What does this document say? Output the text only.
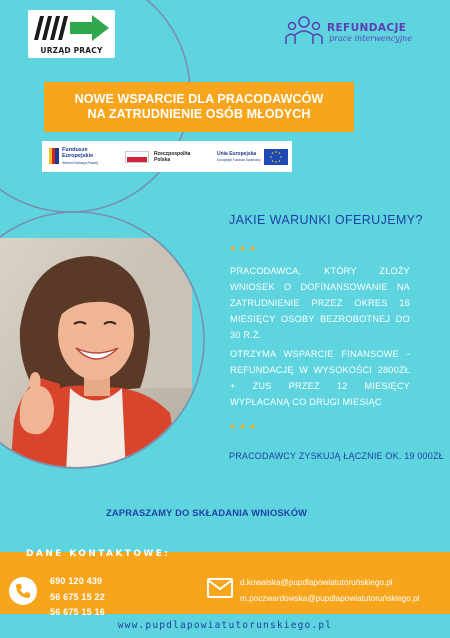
URZĄD PRACY
REFUNDACJE
prace interwencyjne
NOWE WSPARCIE DLA PRACODAWCÓW
NA ZATRUDNIENIE OSÓB MŁODYCH
Fundusze
Europejskie
Wiedza Edukacja Rozwój
Rzeczpospolita
Polska
Unia Europejska
Europejski Fundusz Społeczny
JAKIE WARUNKI OFERUJEMY?
● ● ●
PRACODAWCA, KTÓRY ZŁOŻY WNIOSEK O DOFINANSOWANIE NA ZATRUDNIENIE PRZEZ OKRES 16 MIESIĘCY OSOBY BEZROBOTNEJ DO 30 R.Ż.
OTRZYMA WSPARCIE FINANSOWE - REFUNDACJĘ W WYSOKOŚCI 2800ZŁ + ZUS PRZEZ 12 MIESIĘCY WYPŁACANĄ CO DRUGI MIESIĄC
● ● ●
PRACODAWCY ZYSKUJĄ ŁĄCZNIE OK. 19 000ZŁ
ZAPRASZAMY DO SKŁADANIA WNIOSKÓW
DANE KONTAKTOWE:
690 120 439
56 675 15 22
56 675 15 16
d.kowalska@pupdlapowiatutoruńskiego.pl
m.poczwardowska@pupdlapowiatutoruńskiego.pl
www.pupdlapowiatutorunskiego.pl
